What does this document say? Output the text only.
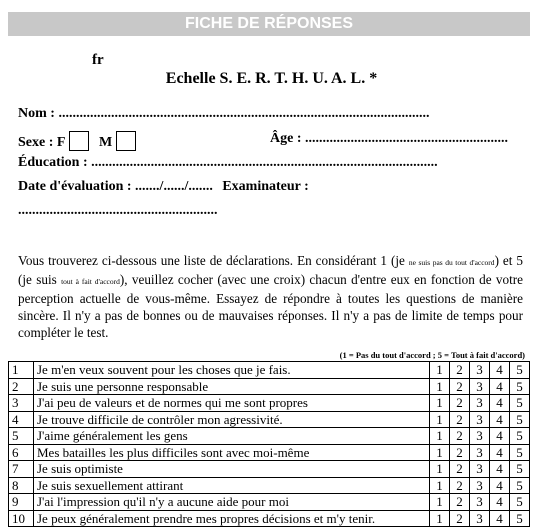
FICHE DE RÉPONSES
fr
Echelle S. E. R. T. H. U. A. L. *
Nom : ..........................................................................................................
Sexe : F M	Âge : ..........................................................
Éducation : ...................................................................................................
Date d'évaluation : ......./....../....... Examinateur :
.........................................................
Vous trouverez ci-dessous une liste de déclarations. En considérant 1 (je ne suis pas du tout d'accord) et 5 (je suis tout à fait d'accord), veuillez cocher (avec une croix) chacun d'entre eux en fonction de votre perception actuelle de vous-même. Essayez de répondre à toutes les questions de manière sincère. Il n'y a pas de bonnes ou de mauvaises réponses. Il n'y a pas de limite de temps pour compléter le test.
(1 = Pas du tout d'accord ; 5 = Tout à fait d'accord)
1	Je m'en veux souvent pour les choses que je fais.	1	2	3	4	5
2	Je suis une personne responsable	1	2	3	4	5
3	J'ai peu de valeurs et de normes qui me sont propres	1	2	3	4	5
4	Je trouve difficile de contrôler mon agressivité.	1	2	3	4	5
5	J'aime généralement les gens	1	2	3	4	5
6	Mes batailles les plus difficiles sont avec moi-même	1	2	3	4	5
7	Je suis optimiste	1	2	3	4	5
8	Je suis sexuellement attirant	1	2	3	4	5
9	J'ai l'impression qu'il n'y a aucune aide pour moi	1	2	3	4	5
10	Je peux généralement prendre mes propres décisions et m'y tenir.	1	2	3	4	5
